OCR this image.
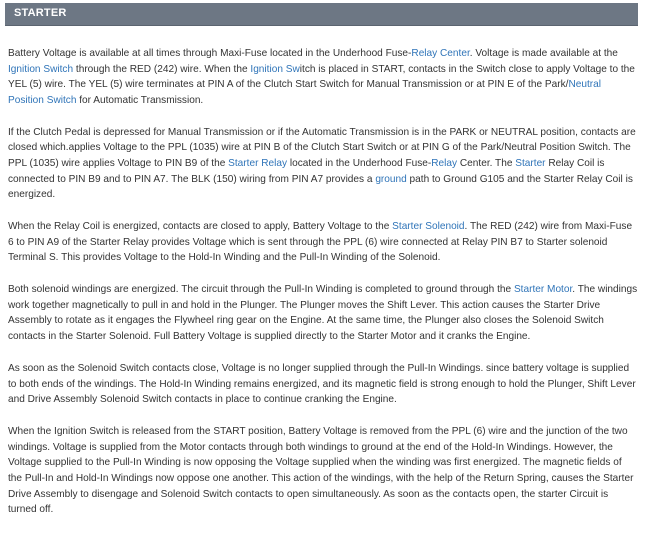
STARTER

Battery Voltage is available at all times through Maxi-Fuse located in the Underhood Fuse-Relay Center. Voltage is made available at the Ignition Switch through the RED (242) wire. When the Ignition Switch is placed in START, contacts in the Switch close to apply Voltage to the YEL (5) wire. The YEL (5) wire terminates at PIN A of the Clutch Start Switch for Manual Transmission or at PIN E of the Park/Neutral Position Switch for Automatic Transmission.

If the Clutch Pedal is depressed for Manual Transmission or if the Automatic Transmission is in the PARK or NEUTRAL position, contacts are closed which.applies Voltage to the PPL (1035) wire at PIN B of the Clutch Start Switch or at PIN G of the Park/Neutral Position Switch. The PPL (1035) wire applies Voltage to PIN B9 of the Starter Relay located in the Underhood Fuse-Relay Center. The Starter Relay Coil is connected to PIN B9 and to PIN A7. The BLK (150) wiring from PIN A7 provides a ground path to Ground G105 and the Starter Relay Coil is energized.

When the Relay Coil is energized, contacts are closed to apply, Battery Voltage to the Starter Solenoid. The RED (242) wire from Maxi-Fuse 6 to PIN A9 of the Starter Relay provides Voltage which is sent through the PPL (6) wire connected at Relay PIN B7 to Starter solenoid Terminal S. This provides Voltage to the Hold-In Winding and the Pull-In Winding of the Solenoid.

Both solenoid windings are energized. The circuit through the Pull-In Winding is completed to ground through the Starter Motor. The windings work together magnetically to pull in and hold in the Plunger. The Plunger moves the Shift Lever. This action causes the Starter Drive Assembly to rotate as it engages the Flywheel ring gear on the Engine. At the same time, the Plunger also closes the Solenoid Switch contacts in the Starter Solenoid. Full Battery Voltage is supplied directly to the Starter Motor and it cranks the Engine.

As soon as the Solenoid Switch contacts close, Voltage is no longer supplied through the Pull-In Windings. since battery voltage is supplied to both ends of the windings. The Hold-In Winding remains energized, and its magnetic field is strong enough to hold the Plunger, Shift Lever and Drive Assembly Solenoid Switch contacts in place to continue cranking the Engine.

When the Ignition Switch is released from the START position, Battery Voltage is removed from the PPL (6) wire and the junction of the two windings. Voltage is supplied from the Motor contacts through both windings to ground at the end of the Hold-In Windings. However, the Voltage supplied to the Pull-In Winding is now opposing the Voltage supplied when the winding was first energized. The magnetic fields of the Pull-In and Hold-In Windings now oppose one another. This action of the windings, with the help of the Return Spring, causes the Starter Drive Assembly to disengage and Solenoid Switch contacts to open simultaneously. As soon as the contacts open, the starter Circuit is turned off.
